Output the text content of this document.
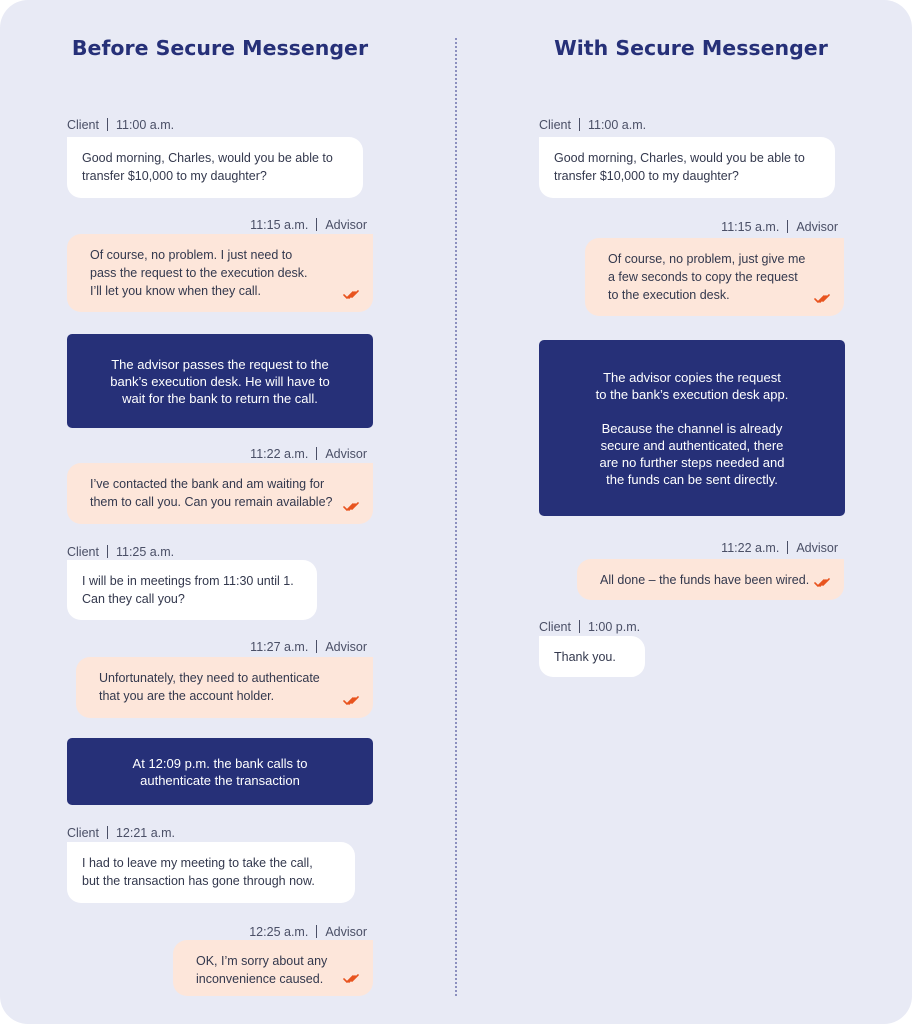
Before Secure Messenger	With Secure Messenger
Client 11:00 a.m.
Good morning, Charles, would you be able to
transfer $10,000 to my daughter?
11:15 a.m. Advisor
Of course, no problem. I just need to
pass the request to the execution desk.
I’ll let you know when they call.
The advisor passes the request to the
bank’s execution desk. He will have to
wait for the bank to return the call.
11:22 a.m. Advisor
I’ve contacted the bank and am waiting for
them to call you. Can you remain available?
Client 11:25 a.m.
I will be in meetings from 11:30 until 1.
Can they call you?
11:27 a.m. Advisor
Unfortunately, they need to authenticate
that you are the account holder.
At 12:09 p.m. the bank calls to
authenticate the transaction
Client 12:21 a.m.
I had to leave my meeting to take the call,
but the transaction has gone through now.
12:25 a.m. Advisor
OK, I’m sorry about any
inconvenience caused.
Client 11:00 a.m.
Good morning, Charles, would you be able to
transfer $10,000 to my daughter?
11:15 a.m. Advisor
Of course, no problem, just give me
a few seconds to copy the request
to the execution desk.
The advisor copies the request
to the bank’s execution desk app.

Because the channel is already
secure and authenticated, there
are no further steps needed and
the funds can be sent directly.
11:22 a.m. Advisor
All done – the funds have been wired.
Client 1:00 p.m.
Thank you.
